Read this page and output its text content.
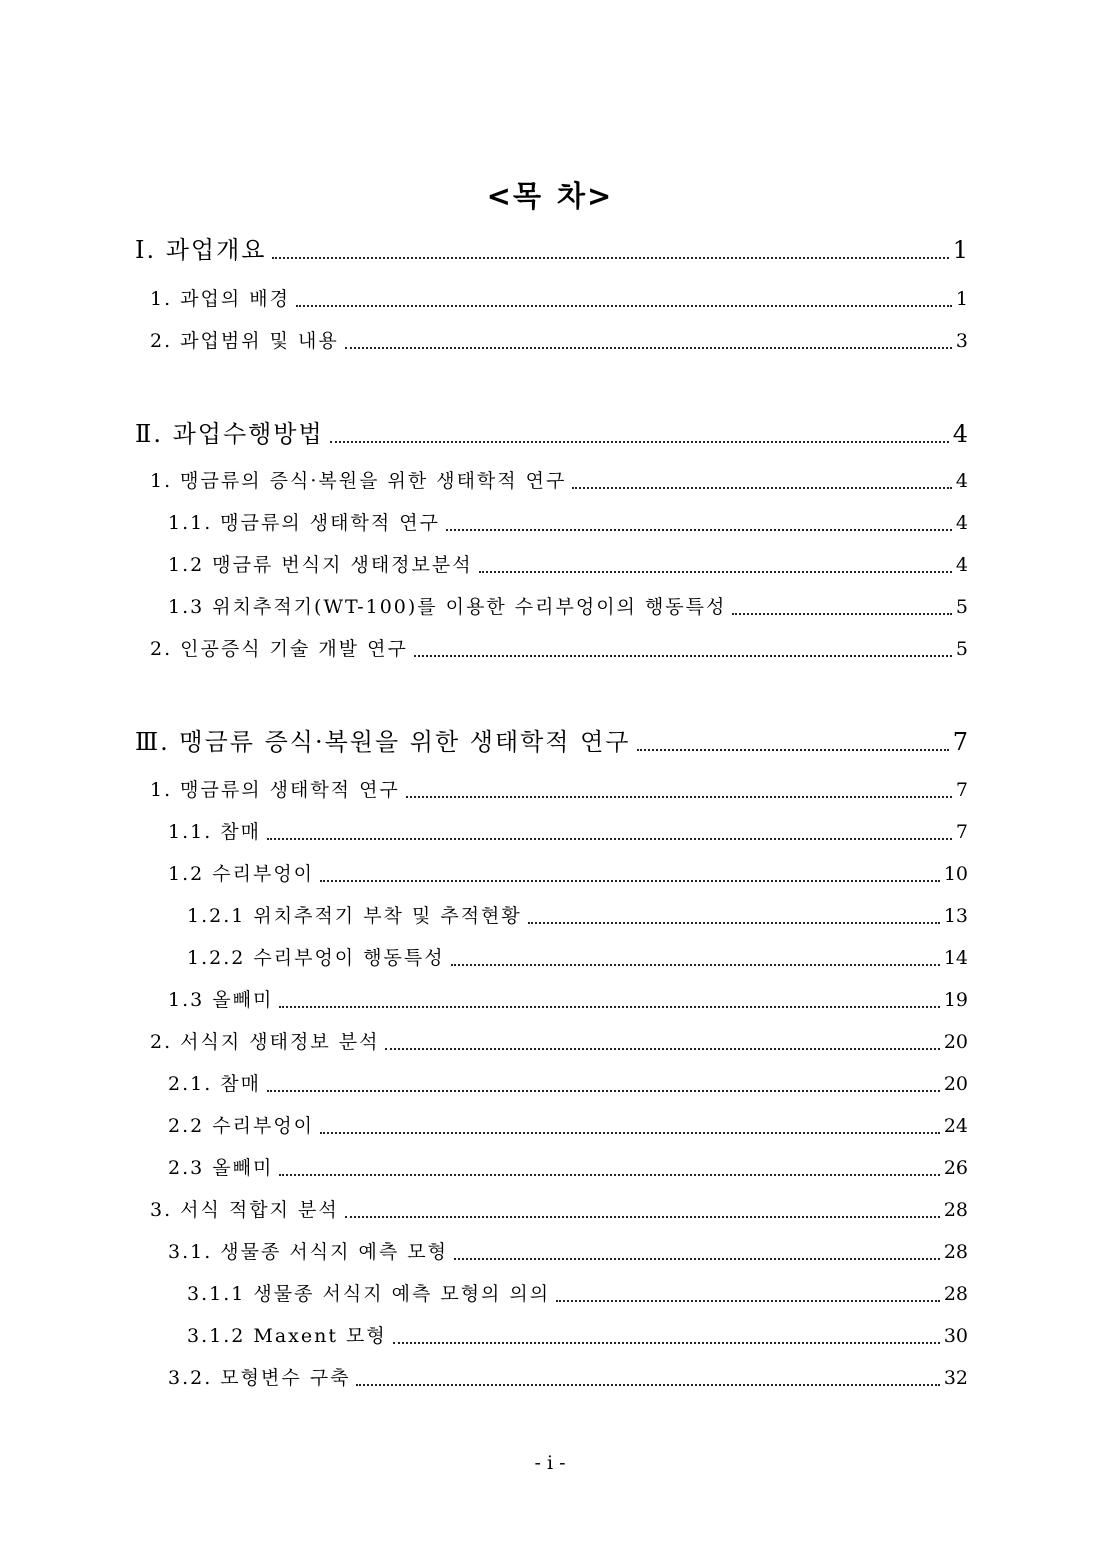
<목 차>
Ⅰ. 과업개요	1
1. 과업의 배경	1
2. 과업범위 및 내용	3
Ⅱ. 과업수행방법	4
1. 맹금류의 증식·복원을 위한 생태학적 연구	4
1.1. 맹금류의 생태학적 연구	4
1.2 맹금류 번식지 생태정보분석	4
1.3 위치추적기(WT-100)를 이용한 수리부엉이의 행동특성	5
2. 인공증식 기술 개발 연구	5
Ⅲ. 맹금류 증식·복원을 위한 생태학적 연구	7
1. 맹금류의 생태학적 연구	7
1.1. 참매	7
1.2 수리부엉이	10
1.2.1 위치추적기 부착 및 추적현황	13
1.2.2 수리부엉이 행동특성	14
1.3 올빼미	19
2. 서식지 생태정보 분석	20
2.1. 참매	20
2.2 수리부엉이	24
2.3 올빼미	26
3. 서식 적합지 분석	28
3.1. 생물종 서식지 예측 모형	28
3.1.1 생물종 서식지 예측 모형의 의의	28
3.1.2 Maxent 모형	30
3.2. 모형변수 구축	32
- i -
